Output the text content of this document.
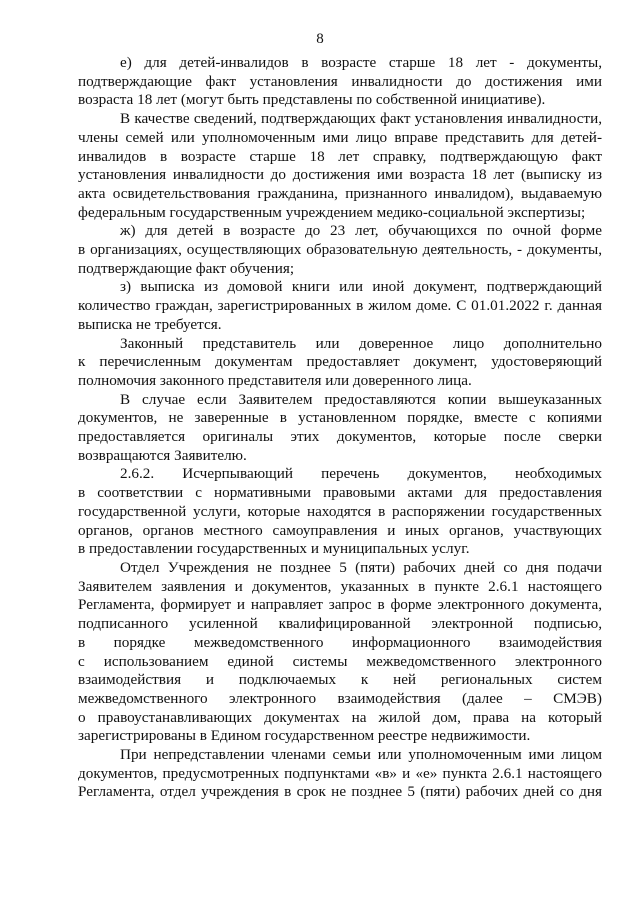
8
е) для детей-инвалидов в возрасте старше 18 лет - документы,
подтверждающие факт установления инвалидности до достижения ими
возраста 18 лет (могут быть представлены по собственной инициативе).
В качестве сведений, подтверждающих факт установления инвалидности,
члены семей или уполномоченным ими лицо вправе представить для детей-
инвалидов в возрасте старше 18 лет справку, подтверждающую факт
установления инвалидности до достижения ими возраста 18 лет (выписку из
акта освидетельствования гражданина, признанного инвалидом), выдаваемую
федеральным государственным учреждением медико-социальной экспертизы;
ж) для детей в возрасте до 23 лет, обучающихся по очной форме
в организациях, осуществляющих образовательную деятельность, - документы,
подтверждающие факт обучения;
з) выписка из домовой книги или иной документ, подтверждающий
количество граждан, зарегистрированных в жилом доме. С 01.01.2022 г. данная
выписка не требуется.
Законный представитель или доверенное лицо дополнительно
к перечисленным документам предоставляет документ, удостоверяющий
полномочия законного представителя или доверенного лица.
В случае если Заявителем предоставляются копии вышеуказанных
документов, не заверенные в установленном порядке, вместе с копиями
предоставляется оригиналы этих документов, которые после сверки
возвращаются Заявителю.
2.6.2. Исчерпывающий перечень документов, необходимых
в соответствии с нормативными правовыми актами для предоставления
государственной услуги, которые находятся в распоряжении государственных
органов, органов местного самоуправления и иных органов, участвующих
в предоставлении государственных и муниципальных услуг.
Отдел Учреждения не позднее 5 (пяти) рабочих дней со дня подачи
Заявителем заявления и документов, указанных в пункте 2.6.1 настоящего
Регламента, формирует и направляет запрос в форме электронного документа,
подписанного усиленной квалифицированной электронной подписью,
в порядке межведомственного информационного взаимодействия
с использованием единой системы межведомственного электронного
взаимодействия и подключаемых к ней региональных систем
межведомственного электронного взаимодействия (далее – СМЭВ)
о правоустанавливающих документах на жилой дом, права на который
зарегистрированы в Едином государственном реестре недвижимости.
При непредставлении членами семьи или уполномоченным ими лицом
документов, предусмотренных подпунктами «в» и «е» пункта 2.6.1 настоящего
Регламента, отдел учреждения в срок не позднее 5 (пяти) рабочих дней со дня
